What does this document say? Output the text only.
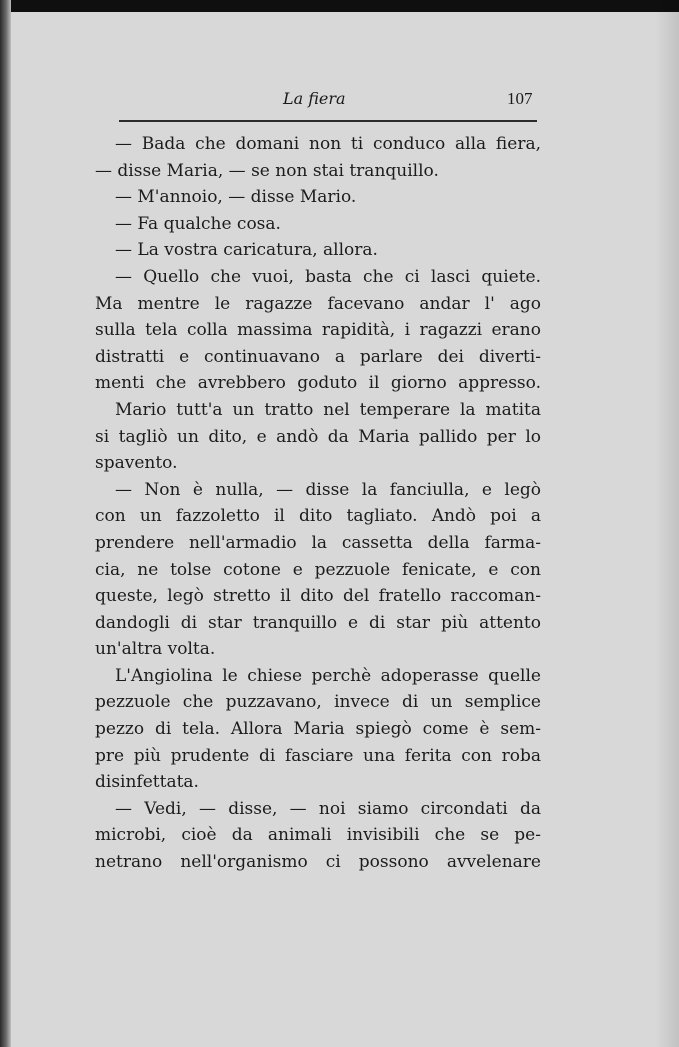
La fiera	107
— Bada che domani non ti conduco alla fiera,
— disse Maria, — se non stai tranquillo.
— M'annoio, — disse Mario.
— Fa qualche cosa.
— La vostra caricatura, allora.
— Quello che vuoi, basta che ci lasci quiete.
Ma mentre le ragazze facevano andar l' ago
sulla tela colla massima rapidità, i ragazzi erano
distratti e continuavano a parlare dei diverti-
menti che avrebbero goduto il giorno appresso.
Mario tutt'a un tratto nel temperare la matita
si tagliò un dito, e andò da Maria pallido per lo
spavento.
— Non è nulla, — disse la fanciulla, e legò
con un fazzoletto il dito tagliato. Andò poi a
prendere nell'armadio la cassetta della farma-
cia, ne tolse cotone e pezzuole fenicate, e con
queste, legò stretto il dito del fratello raccoman-
dandogli di star tranquillo e di star più attento
un'altra volta.
L'Angiolina le chiese perchè adoperasse quelle
pezzuole che puzzavano, invece di un semplice
pezzo di tela. Allora Maria spiegò come è sem-
pre più prudente di fasciare una ferita con roba
disinfettata.
— Vedi, — disse, — noi siamo circondati da
microbi, cioè da animali invisibili che se pe-
netrano nell'organismo ci possono avvelenare
